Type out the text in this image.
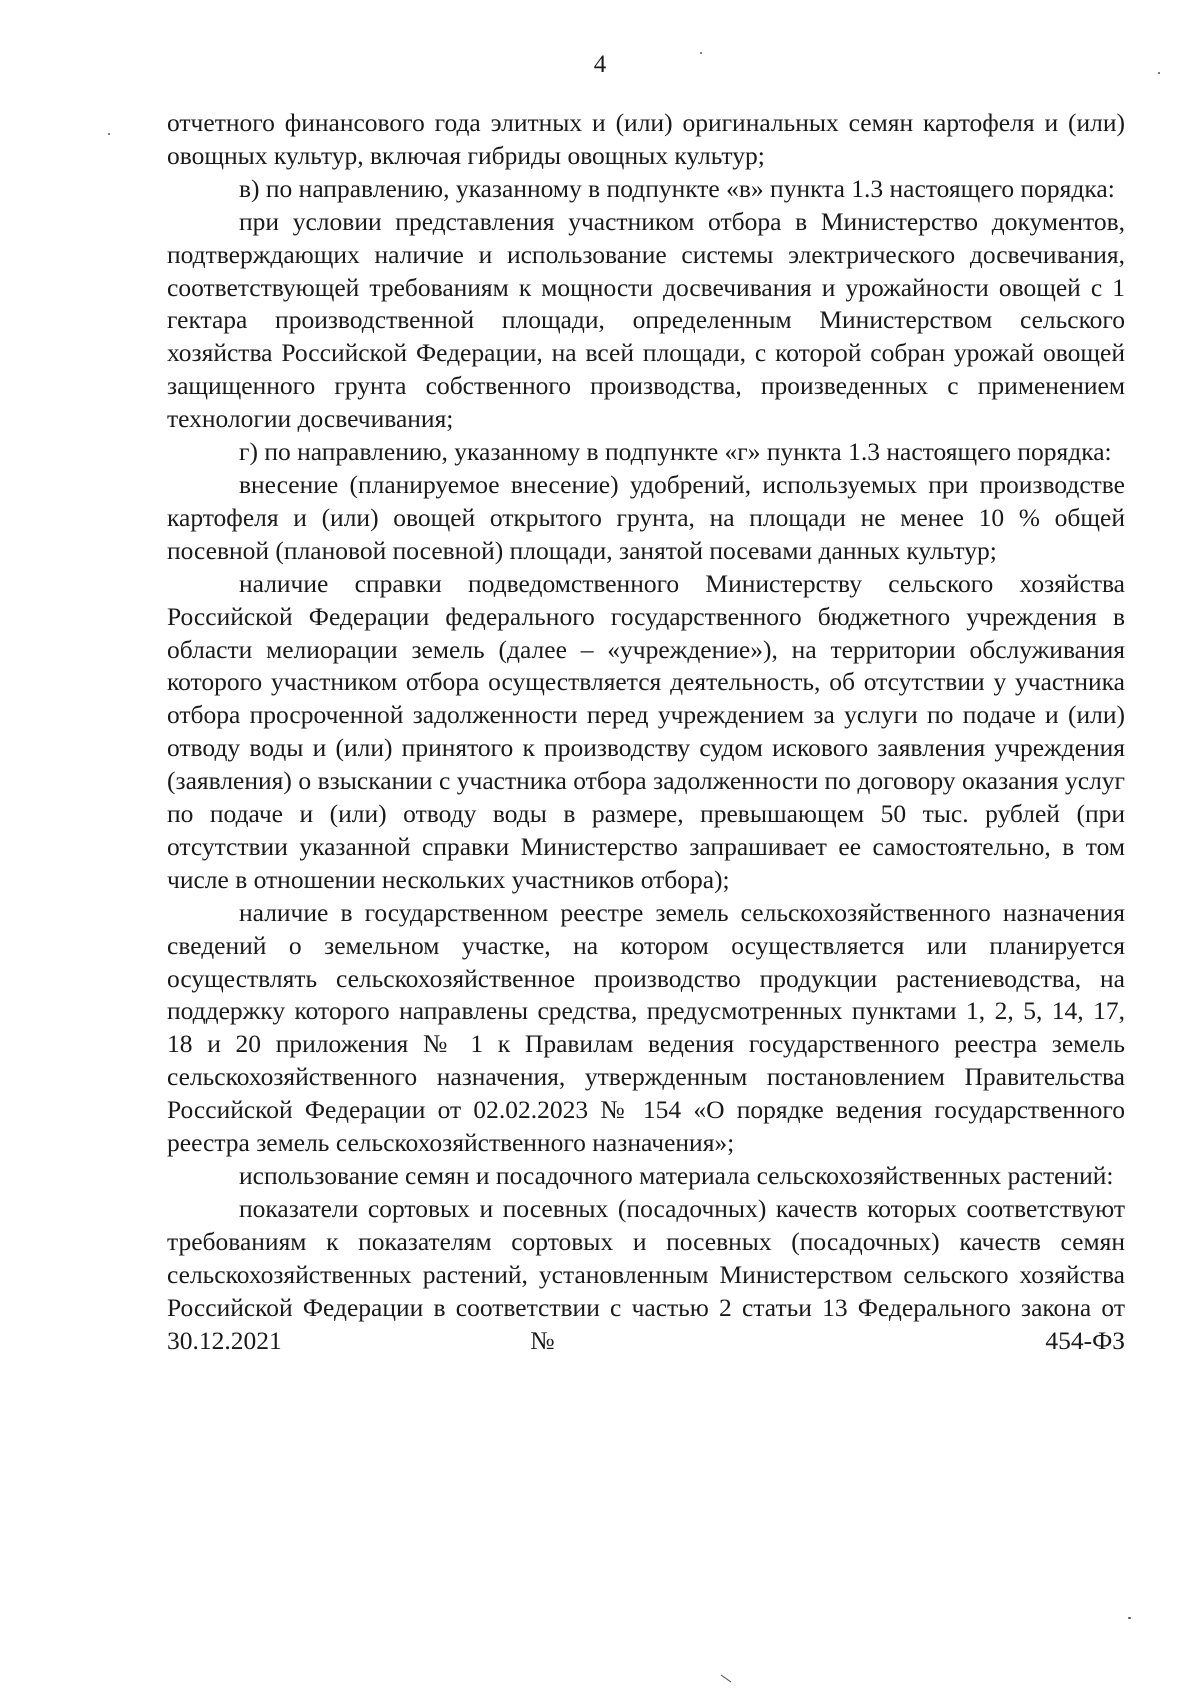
4

отчетного финансового года элитных и (или) оригинальных семян картофеля и (или) овощных культур, включая гибриды овощных культур;

в) по направлению, указанному в подпункте «в» пункта 1.3 настоящего порядка:

при условии представления участником отбора в Министерство документов, подтверждающих наличие и использование системы электрического досвечивания, соответствующей требованиям к мощности досвечивания и урожайности овощей с 1 гектара производственной площади, определенным Министерством сельского хозяйства Российской Федерации, на всей площади, с которой собран урожай овощей защищенного грунта собственного производства, произведенных с применением технологии досвечивания;

г) по направлению, указанному в подпункте «г» пункта 1.3 настоящего порядка:

внесение (планируемое внесение) удобрений, используемых при производстве картофеля и (или) овощей открытого грунта, на площади не менее 10 % общей посевной (плановой посевной) площади, занятой посевами данных культур;

наличие справки подведомственного Министерству сельского хозяйства Российской Федерации федерального государственного бюджетного учреждения в области мелиорации земель (далее – «учреждение»), на территории обслуживания которого участником отбора осуществляется деятельность, об отсутствии у участника отбора просроченной задолженности перед учреждением за услуги по подаче и (или) отводу воды и (или) принятого к производству судом искового заявления учреждения (заявления) о взыскании с участника отбора задолженности по договору оказания услуг по подаче и (или) отводу воды в размере, превышающем 50 тыс. рублей (при отсутствии указанной справки Министерство запрашивает ее самостоятельно, в том числе в отношении нескольких участников отбора);

наличие в государственном реестре земель сельскохозяйственного назначения сведений о земельном участке, на котором осуществляется или планируется осуществлять сельскохозяйственное производство продукции растениеводства, на поддержку которого направлены средства, предусмотренных пунктами 1, 2, 5, 14, 17, 18 и 20 приложения № 1 к Правилам ведения государственного реестра земель сельскохозяйственного назначения, утвержденным постановлением Правительства Российской Федерации от 02.02.2023 № 154 «О порядке ведения государственного реестра земель сельскохозяйственного назначения»;

использование семян и посадочного материала сельскохозяйственных растений:

показатели сортовых и посевных (посадочных) качеств которых соответствуют требованиям к показателям сортовых и посевных (посадочных) качеств семян сельскохозяйственных растений, установленным Министерством сельского хозяйства Российской Федерации в соответствии с частью 2 статьи 13 Федерального закона от 30.12.2021 № 454-ФЗ
